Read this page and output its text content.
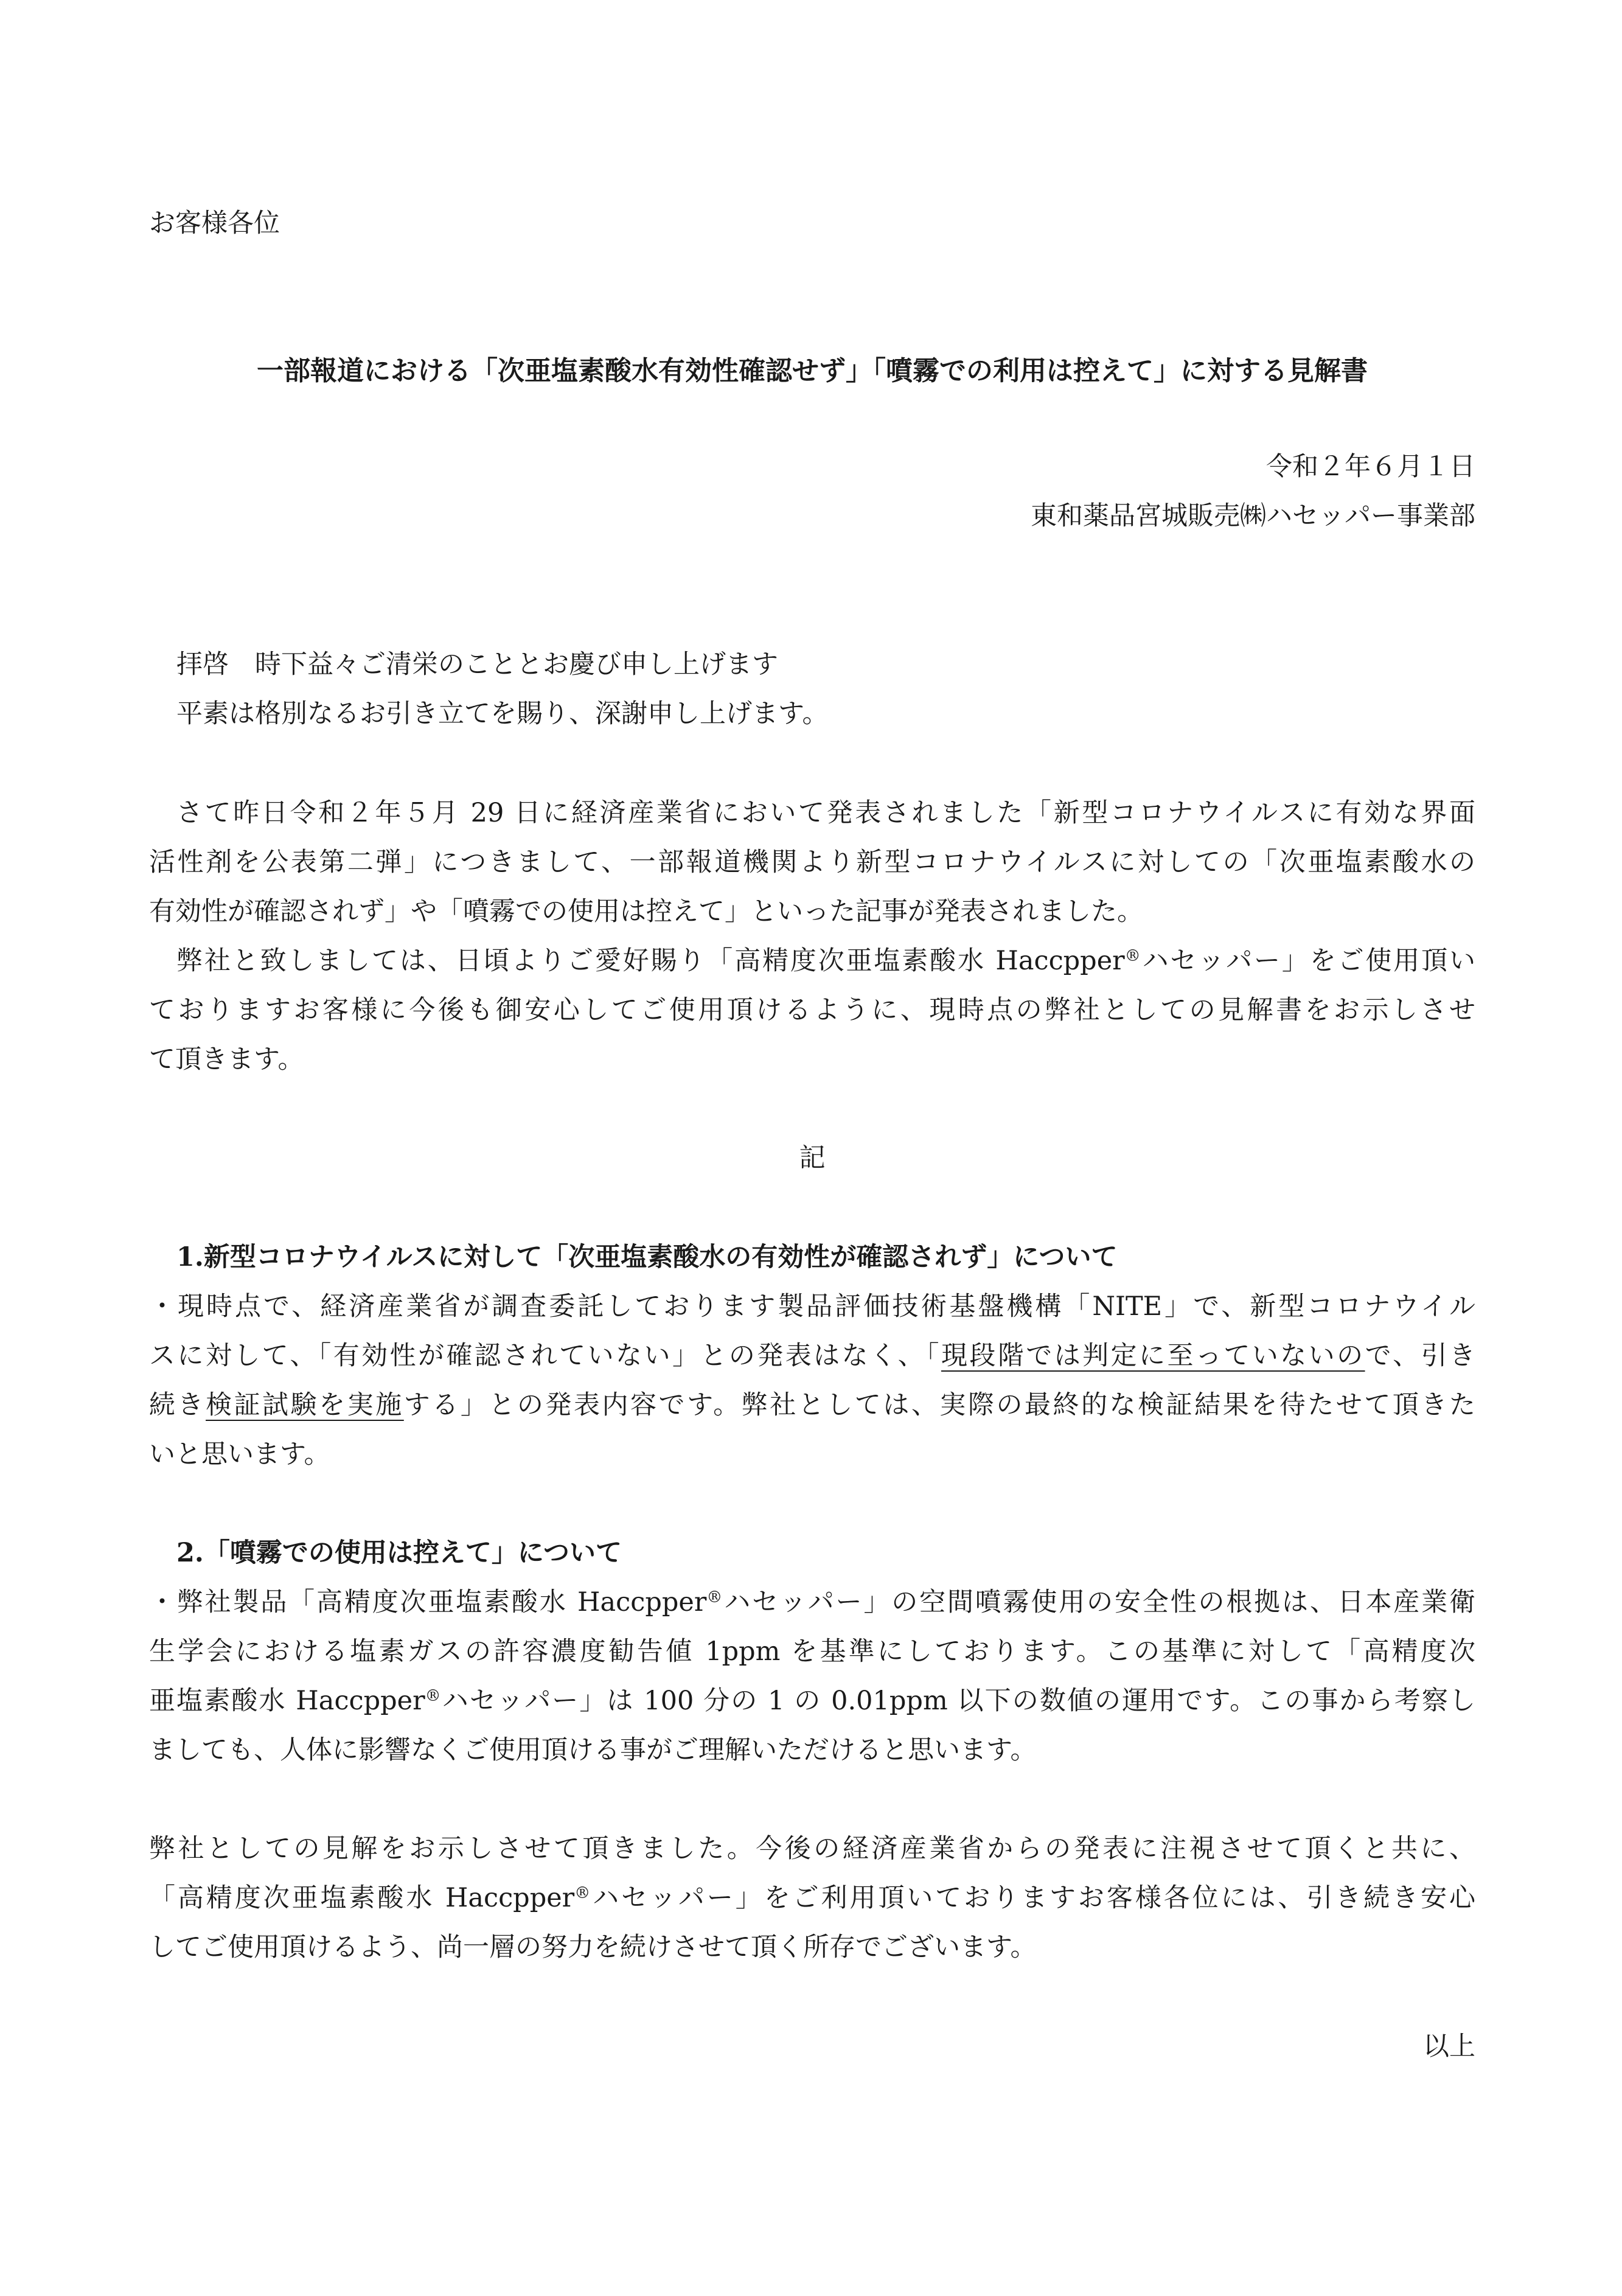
お客様各位
一部報道における「次亜塩素酸水有効性確認せず」「噴霧での利用は控えて」に対する見解書
令和２年６月１日
東和薬品宮城販売㈱ハセッパー事業部
拝啓　時下益々ご清栄のこととお慶び申し上げます
平素は格別なるお引き立てを賜り、深謝申し上げます。
さて昨日令和２年５月 29 日に経済産業省において発表されました「新型コロナウイルスに有効な界面
活性剤を公表第二弾」につきまして、一部報道機関より新型コロナウイルスに対しての「次亜塩素酸水の
有効性が確認されず」や「噴霧での使用は控えて」といった記事が発表されました。
弊社と致しましては、日頃よりご愛好賜り「高精度次亜塩素酸水 Haccpper®ハセッパー」をご使用頂い
ておりますお客様に今後も御安心してご使用頂けるように、現時点の弊社としての見解書をお示しさせ
て頂きます。
記
1.新型コロナウイルスに対して「次亜塩素酸水の有効性が確認されず」について
・現時点で、経済産業省が調査委託しております製品評価技術基盤機構「NITE」で、新型コロナウイル
スに対して、「有効性が確認されていない」との発表はなく、「現段階では判定に至っていないので、引き
続き検証試験を実施する」との発表内容です。弊社としては、実際の最終的な検証結果を待たせて頂きた
いと思います。
2.「噴霧での使用は控えて」について
・弊社製品「高精度次亜塩素酸水 Haccpper®ハセッパー」の空間噴霧使用の安全性の根拠は、日本産業衛
生学会における塩素ガスの許容濃度勧告値 1ppm を基準にしております。この基準に対して「高精度次
亜塩素酸水 Haccpper®ハセッパー」は 100 分の 1 の 0.01ppm 以下の数値の運用です。この事から考察し
ましても、人体に影響なくご使用頂ける事がご理解いただけると思います。
弊社としての見解をお示しさせて頂きました。今後の経済産業省からの発表に注視させて頂くと共に、
「高精度次亜塩素酸水 Haccpper®ハセッパー」をご利用頂いておりますお客様各位には、引き続き安心
してご使用頂けるよう、尚一層の努力を続けさせて頂く所存でございます。
以上
